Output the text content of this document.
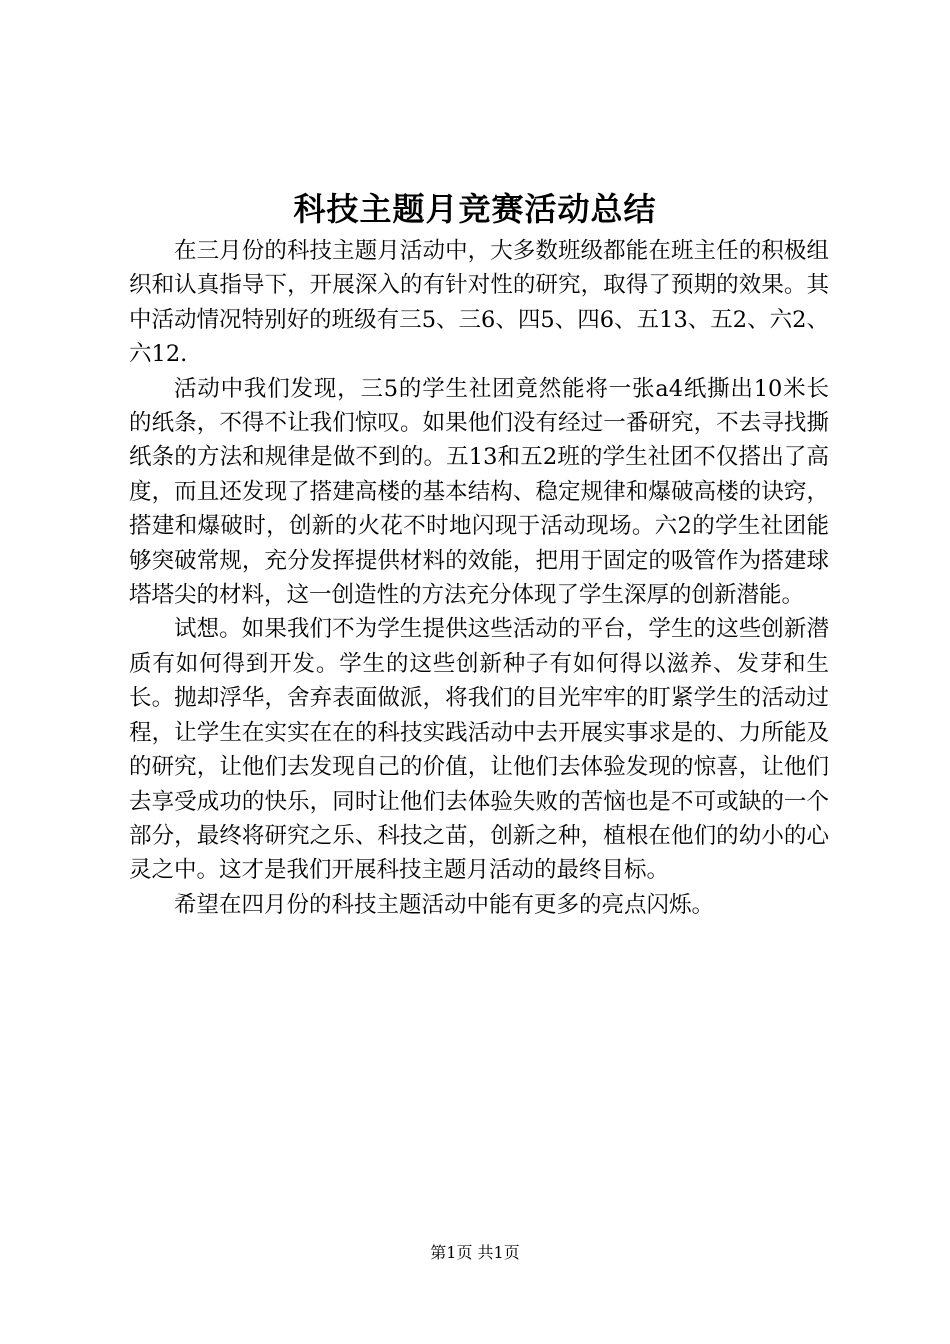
科技主题月竞赛活动总结

在三月份的科技主题月活动中，大多数班级都能在班主任的积极组织和认真指导下，开展深入的有针对性的研究，取得了预期的效果。其中活动情况特别好的班级有三5、三6、四5、四6、五13、五2、六2、六12.

活动中我们发现，三5的学生社团竟然能将一张a4纸撕出10米长的纸条，不得不让我们惊叹。如果他们没有经过一番研究，不去寻找撕纸条的方法和规律是做不到的。五13和五2班的学生社团不仅搭出了高度，而且还发现了搭建高楼的基本结构、稳定规律和爆破高楼的诀窍，搭建和爆破时，创新的火花不时地闪现于活动现场。六2的学生社团能够突破常规，充分发挥提供材料的效能，把用于固定的吸管作为搭建球塔塔尖的材料，这一创造性的方法充分体现了学生深厚的创新潜能。

试想。如果我们不为学生提供这些活动的平台，学生的这些创新潜质有如何得到开发。学生的这些创新种子有如何得以滋养、发芽和生长。抛却浮华，舍弃表面做派，将我们的目光牢牢的盯紧学生的活动过程，让学生在实实在在的科技实践活动中去开展实事求是的、力所能及的研究，让他们去发现自己的价值，让他们去体验发现的惊喜，让他们去享受成功的快乐，同时让他们去体验失败的苦恼也是不可或缺的一个部分，最终将研究之乐、科技之苗，创新之种，植根在他们的幼小的心灵之中。这才是我们开展科技主题月活动的最终目标。

希望在四月份的科技主题活动中能有更多的亮点闪烁。

第1页 共1页
